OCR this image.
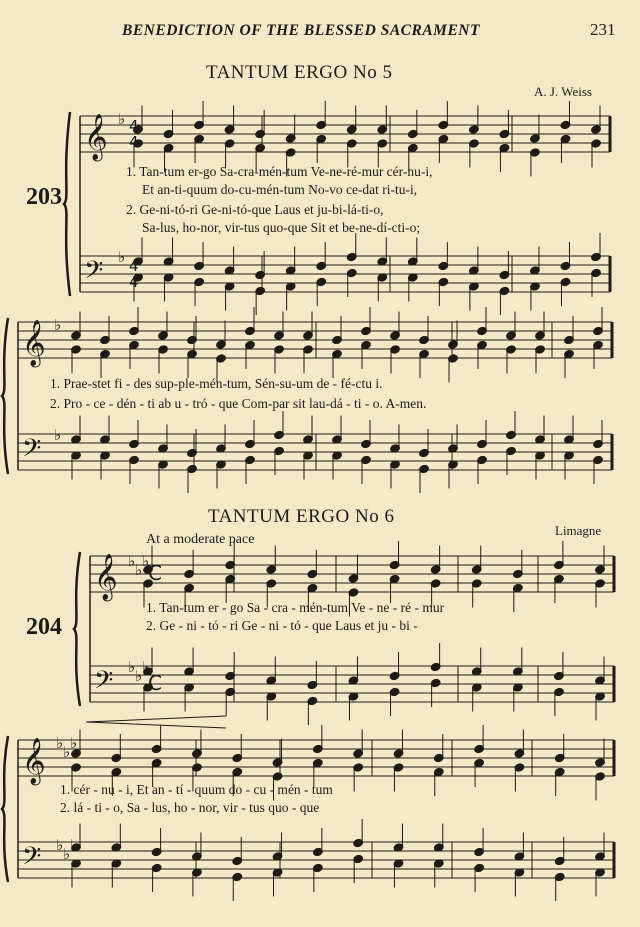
BENEDICTION OF THE BLESSED SACRAMENT	231
TANTUM ERGO No 5
A. J. Weiss
203
TANTUM ERGO No 6
Limagne
At a moderate pace
204
𝄞
𝄢
♭
♭
4
4
4
4
𝄞
𝄢
♭
♭
𝄞
𝄢
♭ ♭ ♭
♭ ♭ ♭
C
C
𝄞
𝄢
♭ ♭ ♭
♭ ♭ ♭
1. Tan-tum er-go Sa-cra-mén-tum Ve-ne-ré-mur cér-nu-i,
Et an-ti-quum do-cu-mén-tum No-vo ce-dat ri-tu-i,
2. Ge-ni-tó-ri Ge-ni-tó-que Laus et ju-bi-lá-ti-o,
Sa-lus, ho-nor, vir-tus quo-que Sit et be-ne-dí-cti-o;
1. Prae-stet fi - des sup-ple-mén-tum, Sén-su-um de - fé-ctu i.
2. Pro - ce - dén - ti ab u - tró - que Com-par sit lau-dá - ti - o. A-men.
1. Tan-tum er - go Sa - cra - mén-tum Ve - ne - ré - mur
2. Ge - ni - tó - ri Ge - ni - tó - que Laus et ju - bi -
1. cér - nu - i, Et an - tí - quum do - cu - mén - tum
2. lá - ti - o, Sa - lus, ho - nor, vir - tus quo - que
